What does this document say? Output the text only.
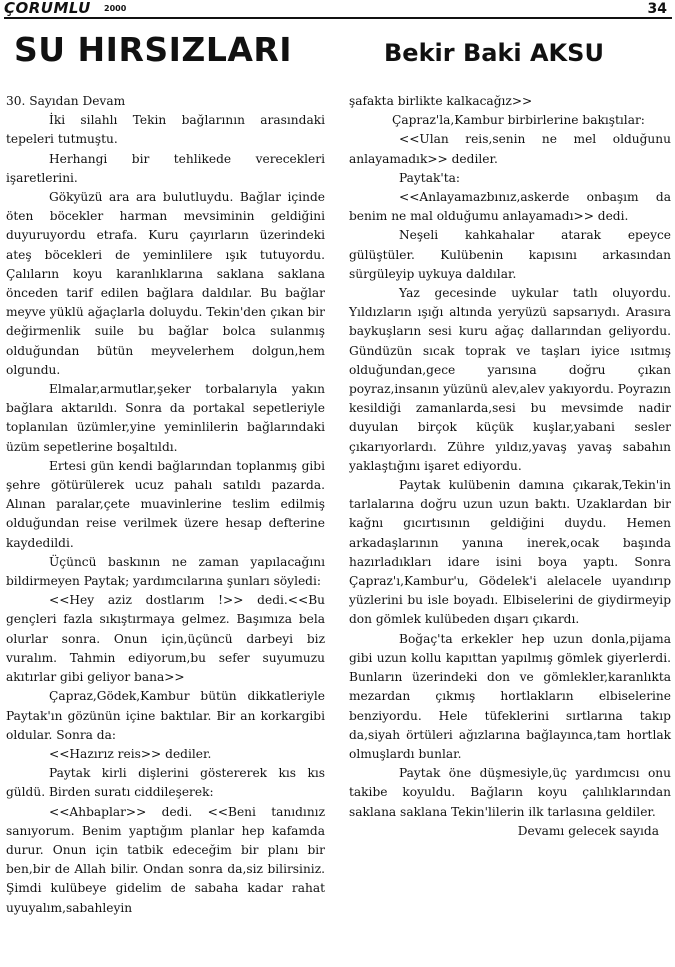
ÇORUMLU 2000	34
SU HIRSIZLARI	Bekir Baki AKSU

30. Sayıdan Devam

İki silahlı Tekin bağlarının arasındaki tepeleri tutmuştu.

Herhangi bir tehlikede verecekleri işaretlerini.

Gökyüzü ara ara bulutluydu. Bağlar içinde öten böcekler harman mevsiminin geldiğini duyuruyordu etrafa. Kuru çayırların üzerindeki ateş böcekleri de yeminlilere ışık tutuyordu. Çalıların koyu karanlıklarına saklana saklana önceden tarif edilen bağlara daldılar. Bu bağlar meyve yüklü ağaçlarla doluydu. Tekin'den çıkan bir değirmenlik suile bu bağlar bolca sulanmış olduğundan bütün meyvelerhem dolgun,hem olgundu.

Elmalar,armutlar,şeker torbalarıyla yakın bağlara aktarıldı. Sonra da portakal sepetleriyle toplanılan üzümler,yine yeminlilerin bağlarındaki üzüm sepetlerine boşaltıldı.

Ertesi gün kendi bağlarından toplanmış gibi şehre götürülerek ucuz pahalı satıldı pazarda. Alınan paralar,çete muavinlerine teslim edilmiş olduğundan reise verilmek üzere hesap defterine kaydedildi.

Üçüncü baskının ne zaman yapılacağını bildirmeyen Paytak; yardımcılarına şunları söyledi:

<<Hey aziz dostlarım !>> dedi.<<Bu gençleri fazla sıkıştırmaya gelmez. Başımıza bela olurlar sonra. Onun için,üçüncü darbeyi biz vuralım. Tahmin ediyorum,bu sefer suyumuzu akıtırlar gibi geliyor bana>>

Çapraz,Gödek,Kambur bütün dikkatleriyle Paytak'ın gözünün içine baktılar. Bir an korkargibi oldular. Sonra da:

<<Hazırız reis>> dediler.

Paytak kirli dişlerini göstererek kıs kıs güldü. Birden suratı ciddileşerek:

<<Ahbaplar>> dedi. <<Beni tanıdınız sanıyorum. Benim yaptığım planlar hep kafamda durur. Onun için tatbik edeceğim bir planı bir ben,bir de Allah bilir. Ondan sonra da,siz bilirsiniz. Şimdi kulübeye gidelim de sabaha kadar rahat uyuyalım,sabahleyin

şafakta birlikte kalkacağız>>

Çapraz'la,Kambur birbirlerine bakıştılar:

<<Ulan reis,senin ne mel olduğunu anlayamadık>> dediler.

Paytak'ta:

<<Anlayamazbınız,askerde onbaşım da benim ne mal olduğumu anlayamadı>> dedi.

Neşeli kahkahalar atarak epeyce gülüştüler. Kulübenin kapısını arkasından sürgüleyip uykuya daldılar.

Yaz gecesinde uykular tatlı oluyordu. Yıldızların ışığı altında yeryüzü sapsarıydı. Arasıra baykuşların sesi kuru ağaç dallarından geliyordu. Gündüzün sıcak toprak ve taşları iyice ısıtmış olduğundan,gece yarısına doğru çıkan poyraz,insanın yüzünü alev,alev yakıyordu. Poyrazın kesildiği zamanlarda,sesi bu mevsimde nadir duyulan birçok küçük kuşlar,yabani sesler çıkarıyorlardı. Zühre yıldız,yavaş yavaş sabahın yaklaştığını işaret ediyordu.

Paytak kulübenin damına çıkarak,Tekin'in tarlalarına doğru uzun uzun baktı. Uzaklardan bir kağnı gıcırtısının geldiğini duydu. Hemen arkadaşlarının yanına inerek,ocak başında hazırladıkları idare isini boya yaptı. Sonra Çapraz'ı,Kambur'u, Gödelek'i alelacele uyandırıp yüzlerini bu isle boyadı. Elbiselerini de giydirmeyip don gömlek kulübeden dışarı çıkardı.

Boğaç'ta erkekler hep uzun donla,pijama gibi uzun kollu kapıttan yapılmış gömlek giyerlerdi. Bunların üzerindeki don ve gömlekler,karanlıkta mezardan çıkmış hortlakların elbiselerine benziyordu. Hele tüfeklerini sırtlarına takıp da,siyah örtüleri ağızlarına bağlayınca,tam hortlak olmuşlardı bunlar.

Paytak öne düşmesiyle,üç yardımcısı onu takibe koyuldu. Bağların koyu çalılıklarından saklana saklana Tekin'lilerin ilk tarlasına geldiler.

Devamı gelecek sayıda
